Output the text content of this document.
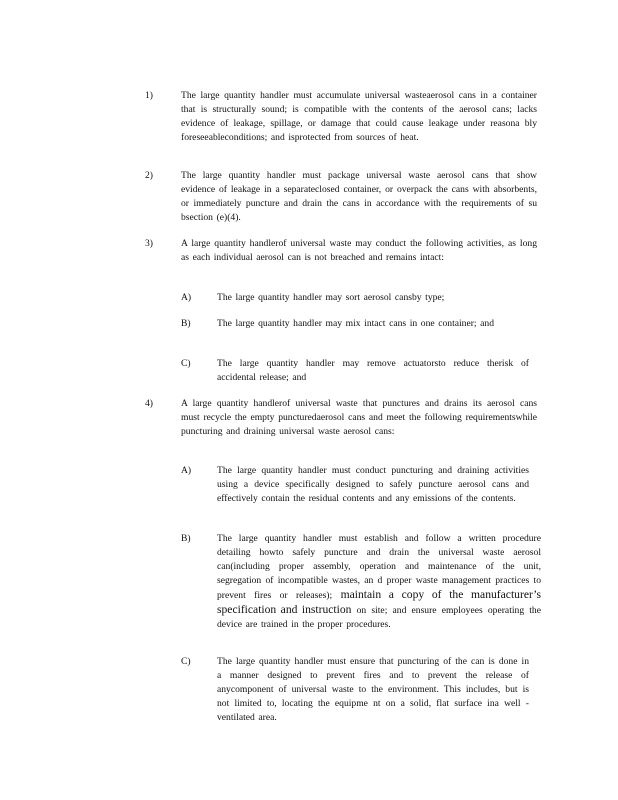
1)	The large quantity handler must accumulate universal wasteaerosol cans in a container that is structurally sound; is compatible with the contents of the aerosol cans; lacks evidence of leakage, spillage, or damage that could cause leakage under reasona bly foreseeableconditions; and isprotected from sources of heat.
2)	The large quantity handler must package universal waste aerosol cans that show evidence of leakage in a separateclosed container, or overpack the cans with absorbents, or immediately puncture and drain the cans in accordance with the requirements of su bsection (e)(4).
3)	A large quantity handlerof universal waste may conduct the following activities, as long as each individual aerosol can is not breached and remains intact:
A)	The large quantity handler may sort aerosol cansby type;
B)	The large quantity handler may mix intact cans in one container; and
C)	The large quantity handler may remove actuatorsto reduce therisk of accidental release; and
4)	A large quantity handlerof universal waste that punctures and drains its aerosol cans must recycle the empty puncturedaerosol cans and meet the following requirementswhile puncturing and draining universal waste aerosol cans:
A)	The large quantity handler must conduct puncturing and draining activities using a device specifically designed to safely puncture aerosol cans and effectively contain the residual contents and any emissions of the contents.
B)	The large quantity handler must establish and follow a written procedure detailing howto safely puncture and drain the universal waste aerosol can(including proper assembly, operation and maintenance of the unit, segregation of incompatible wastes, an d proper waste management practices to prevent fires or releases); maintain a copy of the manufacturer’s specification and instruction on site; and ensure employees operating the device are trained in the proper procedures.
C)	The large quantity handler must ensure that puncturing of the can is done in a manner designed to prevent fires and to prevent the release of anycomponent of universal waste to the environment. This includes, but is not limited to, locating the equipme nt on a solid, flat surface ina well -ventilated area.
